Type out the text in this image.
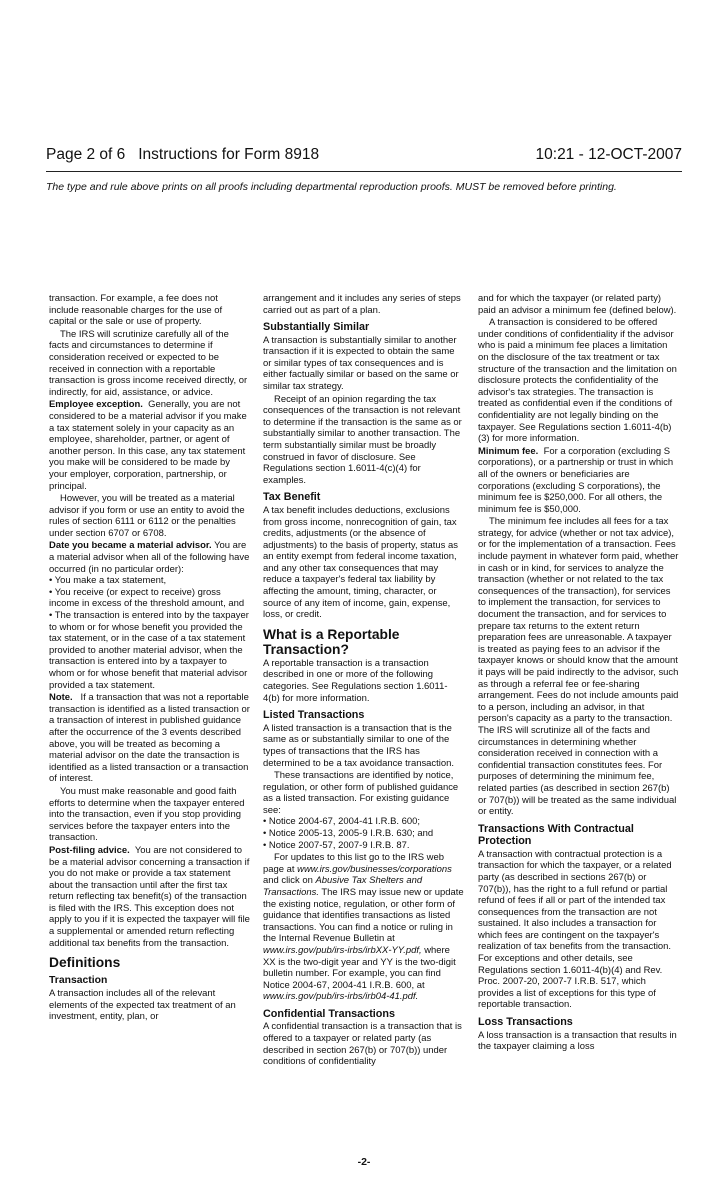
Page 2 of 6   Instructions for Form 8918	10:21 - 12-OCT-2007
The type and rule above prints on all proofs including departmental reproduction proofs. MUST be removed before printing.

transaction. For example, a fee does not include reasonable charges for the use of capital or the sale or use of property.

The IRS will scrutinize carefully all of the facts and circumstances to determine if consideration received or expected to be received in connection with a reportable transaction is gross income received directly, or indirectly, for aid, assistance, or advice.

Employee exception. Generally, you are not considered to be a material advisor if you make a tax statement solely in your capacity as an employee, shareholder, partner, or agent of another person. In this case, any tax statement you make will be considered to be made by your employer, corporation, partnership, or principal.

However, you will be treated as a material advisor if you form or use an entity to avoid the rules of section 6111 or 6112 or the penalties under section 6707 or 6708.

Date you became a material advisor. You are a material advisor when all of the following have occurred (in no particular order):

• You make a tax statement,

• You receive (or expect to receive) gross income in excess of the threshold amount, and

• The transaction is entered into by the taxpayer to whom or for whose benefit you provided the tax statement, or in the case of a tax statement provided to another material advisor, when the transaction is entered into by a taxpayer to whom or for whose benefit that material advisor provided a tax statement.

Note. If a transaction that was not a reportable transaction is identified as a listed transaction or a transaction of interest in published guidance after the occurrence of the 3 events described above, you will be treated as becoming a material advisor on the date the transaction is identified as a listed transaction or a transaction of interest.

You must make reasonable and good faith efforts to determine when the taxpayer entered into the transaction, even if you stop providing services before the taxpayer enters into the transaction.

Post-filing advice. You are not considered to be a material advisor concerning a transaction if you do not make or provide a tax statement about the transaction until after the first tax return reflecting tax benefit(s) of the transaction is filed with the IRS. This exception does not apply to you if it is expected the taxpayer will file a supplemental or amended return reflecting additional tax benefits from the transaction.

Definitions
Transaction

A transaction includes all of the relevant elements of the expected tax treatment of an investment, entity, plan, or

arrangement and it includes any series of steps carried out as part of a plan.

Substantially Similar

A transaction is substantially similar to another transaction if it is expected to obtain the same or similar types of tax consequences and is either factually similar or based on the same or similar tax strategy.

Receipt of an opinion regarding the tax consequences of the transaction is not relevant to determine if the transaction is the same as or substantially similar to another transaction. The term substantially similar must be broadly construed in favor of disclosure. See Regulations section 1.6011-4(c)(4) for examples.

Tax Benefit

A tax benefit includes deductions, exclusions from gross income, nonrecognition of gain, tax credits, adjustments (or the absence of adjustments) to the basis of property, status as an entity exempt from federal income taxation, and any other tax consequences that may reduce a taxpayer's federal tax liability by affecting the amount, timing, character, or source of any item of income, gain, expense, loss, or credit.

What is a Reportable Transaction?

A reportable transaction is a transaction described in one or more of the following categories. See Regulations section 1.6011-4(b) for more information.

Listed Transactions

A listed transaction is a transaction that is the same as or substantially similar to one of the types of transactions that the IRS has determined to be a tax avoidance transaction.

These transactions are identified by notice, regulation, or other form of published guidance as a listed transaction. For existing guidance see:

• Notice 2004-67, 2004-41 I.R.B. 600;

• Notice 2005-13, 2005-9 I.R.B. 630; and

• Notice 2007-57, 2007-9 I.R.B. 87.

For updates to this list go to the IRS web page at www.irs.gov/businesses/corporations and click on Abusive Tax Shelters and Transactions. The IRS may issue new or update the existing notice, regulation, or other form of guidance that identifies transactions as listed transactions. You can find a notice or ruling in the Internal Revenue Bulletin at www.irs.gov/pub/irs-irbs/irbXX-YY.pdf, where XX is the two-digit year and YY is the two-digit bulletin number. For example, you can find Notice 2004-67, 2004-41 I.R.B. 600, at www.irs.gov/pub/irs-irbs/irb04-41.pdf.

Confidential Transactions

A confidential transaction is a transaction that is offered to a taxpayer or related party (as described in section 267(b) or 707(b)) under conditions of confidentiality

and for which the taxpayer (or related party) paid an advisor a minimum fee (defined below).

A transaction is considered to be offered under conditions of confidentiality if the advisor who is paid a minimum fee places a limitation on the disclosure of the tax treatment or tax structure of the transaction and the limitation on disclosure protects the confidentiality of the advisor's tax strategies. The transaction is treated as confidential even if the conditions of confidentiality are not legally binding on the taxpayer. See Regulations section 1.6011-4(b)(3) for more information.

Minimum fee. For a corporation (excluding S corporations), or a partnership or trust in which all of the owners or beneficiaries are corporations (excluding S corporations), the minimum fee is $250,000. For all others, the minimum fee is $50,000.

The minimum fee includes all fees for a tax strategy, for advice (whether or not tax advice), or for the implementation of a transaction. Fees include payment in whatever form paid, whether in cash or in kind, for services to analyze the transaction (whether or not related to the tax consequences of the transaction), for services to implement the transaction, for services to document the transaction, and for services to prepare tax returns to the extent return preparation fees are unreasonable. A taxpayer is treated as paying fees to an advisor if the taxpayer knows or should know that the amount it pays will be paid indirectly to the advisor, such as through a referral fee or fee-sharing arrangement. Fees do not include amounts paid to a person, including an advisor, in that person's capacity as a party to the transaction. The IRS will scrutinize all of the facts and circumstances in determining whether consideration received in connection with a confidential transaction constitutes fees. For purposes of determining the minimum fee, related parties (as described in section 267(b) or 707(b)) will be treated as the same individual or entity.

Transactions With Contractual Protection

A transaction with contractual protection is a transaction for which the taxpayer, or a related party (as described in sections 267(b) or 707(b)), has the right to a full refund or partial refund of fees if all or part of the intended tax consequences from the transaction are not sustained. It also includes a transaction for which fees are contingent on the taxpayer's realization of tax benefits from the transaction. For exceptions and other details, see Regulations section 1.6011-4(b)(4) and Rev. Proc. 2007-20, 2007-7 I.R.B. 517, which provides a list of exceptions for this type of reportable transaction.

Loss Transactions

A loss transaction is a transaction that results in the taxpayer claiming a loss

-2-
